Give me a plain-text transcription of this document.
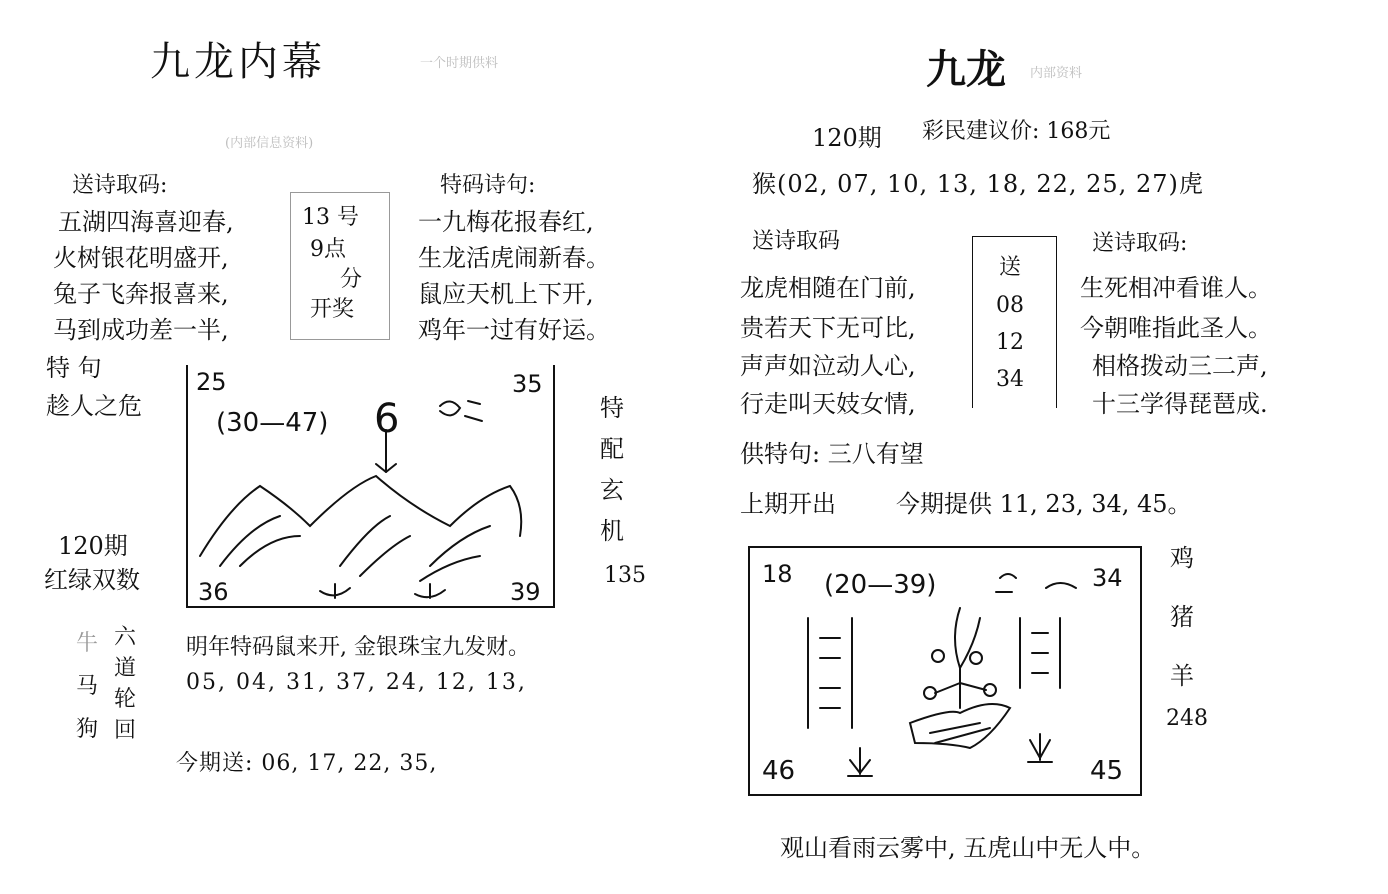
九龙内幕	一个时期供料
(内部信息资料)
送诗取码:	特码诗句:
五湖四海喜迎春,
火树银花明盛开,
兔子飞奔报喜来,
马到成功差一半,
13 号
9点
分
开奖
一九梅花报春红,
生龙活虎闹新春。
鼠应天机上下开,
鸡年一过有好运。
特 句
趁人之危
120期
红绿双数
25	35
36	39
(30—47) 6	特
配
玄
机
135
牛
马
狗
六
道
轮
回
明年特码鼠来开, 金银珠宝九发财。
05, 04, 31, 37, 24, 12, 13,
今期送: 06, 17, 22, 35,
九龙 内部资料
120期 彩民建议价: 168元
猴(02, 07, 10, 13, 18, 22, 25, 27)虎
送诗取码	送诗取码:
龙虎相随在门前,
贵若天下无可比,
声声如泣动人心,
行走叫天妓女情,
送
08
12
34
生死相冲看谁人。
今朝唯指此圣人。
相格拨动三二声,
十三学得琵琶成.
供特句: 三八有望
上期开出	今期提供 11, 23, 34, 45。
18	34
46	45
(20—39)
鸡
猪
羊
248
观山看雨云雾中, 五虎山中无人中。
